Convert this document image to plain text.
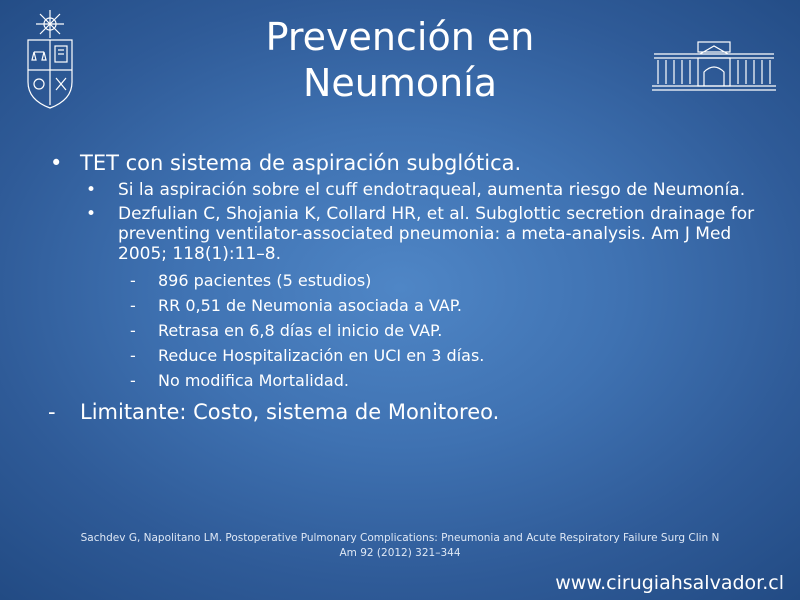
Prevención en
Neumonía
• TET con sistema de aspiración subglótica.
• Si la aspiración sobre el cuff endotraqueal, aumenta riesgo de Neumonía.
• Dezfulian C, Shojania K, Collard HR, et al. Subglottic secretion drainage for preventing ventilator-associated pneumonia: a meta-analysis. Am J Med 2005; 118(1):11–8.
- 896 pacientes (5 estudios)
- RR 0,51 de Neumonia asociada a VAP.
- Retrasa en 6,8 días el inicio de VAP.
- Reduce Hospitalización en UCI en 3 días.
- No modifica Mortalidad.
- Limitante: Costo, sistema de Monitoreo.
Sachdev G, Napolitano LM. Postoperative Pulmonary Complications: Pneumonia and Acute Respiratory Failure Surg Clin N
Am 92 (2012) 321–344
www.cirugiahsalvador.cl
